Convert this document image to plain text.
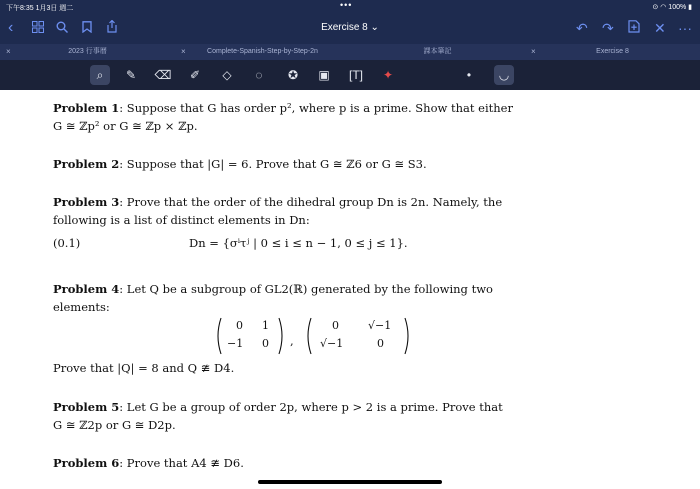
下午8:35 1月3日 週二	•••	⊙ ◠ 100% ▮
‹	Exercise 8 ⌄	↶ ↷	✕ ···
×	2023 行事曆	×	Complete-Spanish-Step-by-Step-2n	課本筆記	×	Exercise 8
⌕	✎	⌫	✐	◇	◌	✪	▣	[T]	✦	•	◡
Problem 1: Suppose that G has order p², where p is a prime. Show that either
G ≅ ℤp² or G ≅ ℤp × ℤp.
Problem 2: Suppose that |G| = 6. Prove that G ≅ ℤ6 or G ≅ S3.
Problem 3: Prove that the order of the dihedral group Dn is 2n. Namely, the
following is a list of distinct elements in Dn:
(0.1)	Dn = {σⁱτʲ | 0 ≤ i ≤ n − 1, 0 ≤ j ≤ 1}.
Problem 4: Let Q be a subgroup of GL2(ℝ) generated by the following two
elements:
0 1
−1 0 ,
0	√−1
√−1	0
Prove that |Q| = 8 and Q ≇ D4.
Problem 5: Let G be a group of order 2p, where p > 2 is a prime. Prove that
G ≅ ℤ2p or G ≅ D2p.
Problem 6: Prove that A4 ≇ D6.
